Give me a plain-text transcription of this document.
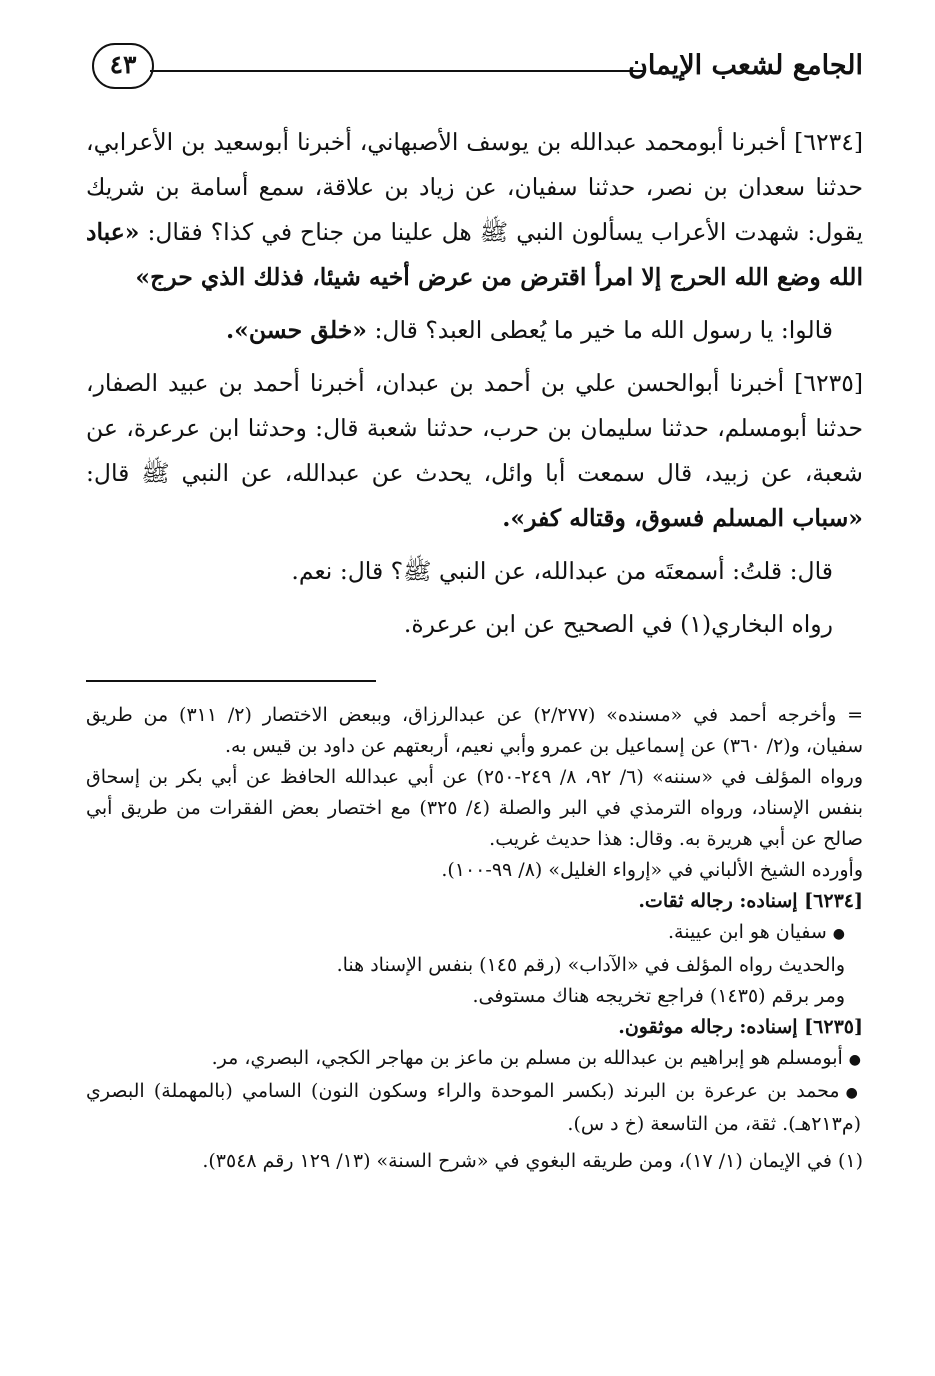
الجامع لشعب الإيمان
٤٣

[٦٢٣٤] أخبرنا أبومحمد عبدالله بن يوسف الأصبهاني، أخبرنا أبوسعيد بن الأعرابي، حدثنا سعدان بن نصر، حدثنا سفيان، عن زياد بن علاقة، سمع أسامة بن شريك يقول: شهدت الأعراب يسألون النبي ﷺ هل علينا من جناح في كذا؟ فقال: «عباد الله وضع الله الحرج إلا امرأ اقترض من عرض أخيه شيئا، فذلك الذي حرج»

قالوا: يا رسول الله ما خير ما يُعطى العبد؟ قال: «خلق حسن».

[٦٢٣٥] أخبرنا أبوالحسن علي بن أحمد بن عبدان، أخبرنا أحمد بن عبيد الصفار، حدثنا أبومسلم، حدثنا سليمان بن حرب، حدثنا شعبة قال: وحدثنا ابن عرعرة، عن شعبة، عن زبيد، قال سمعت أبا وائل، يحدث عن عبدالله، عن النبي ﷺ قال: «سباب المسلم فسوق، وقتاله كفر».

قال: قلتُ: أسمعتَه من عبدالله، عن النبي ﷺ؟ قال: نعم.

رواه البخاري(١) في الصحيح عن ابن عرعرة.

= وأخرجه أحمد في «مسنده» (٢/٢٧٧) عن عبدالرزاق، وببعض الاختصار (٢/ ٣١١) من طريق سفيان، و(٢/ ٣٦٠) عن إسماعيل بن عمرو وأبي نعيم، أربعتهم عن داود بن قيس به.

ورواه المؤلف في «سننه» (٦/ ٩٢، ٨/ ٢٤٩-٢٥٠) عن أبي عبدالله الحافظ عن أبي بكر بن إسحاق بنفس الإسناد، ورواه الترمذي في البر والصلة (٤/ ٣٢٥) مع اختصار بعض الفقرات من طريق أبي صالح عن أبي هريرة به. وقال: هذا حديث غريب.

وأورده الشيخ الألباني في «إرواء الغليل» (٨/ ٩٩-١٠٠).

[٦٢٣٤] إسناده: رجاله ثقات.

●سفيان هو ابن عيينة.

والحديث رواه المؤلف في «الآداب» (رقم ١٤٥) بنفس الإسناد هنا.

ومر برقم (١٤٣٥) فراجع تخريجه هناك مستوفى.

[٦٢٣٥] إسناده: رجاله موثقون.

●أبومسلم هو إبراهيم بن عبدالله بن مسلم بن ماعز بن مهاجر الكجي، البصري، مر.

●محمد بن عرعرة بن البرند (بكسر الموحدة والراء وسكون النون) السامي (بالمهملة) البصري (م٢١٣هـ). ثقة، من التاسعة (خ د س).

(١) في الإيمان (١/ ١٧)، ومن طريقه البغوي في «شرح السنة» (١٣/ ١٢٩ رقم ٣٥٤٨).
